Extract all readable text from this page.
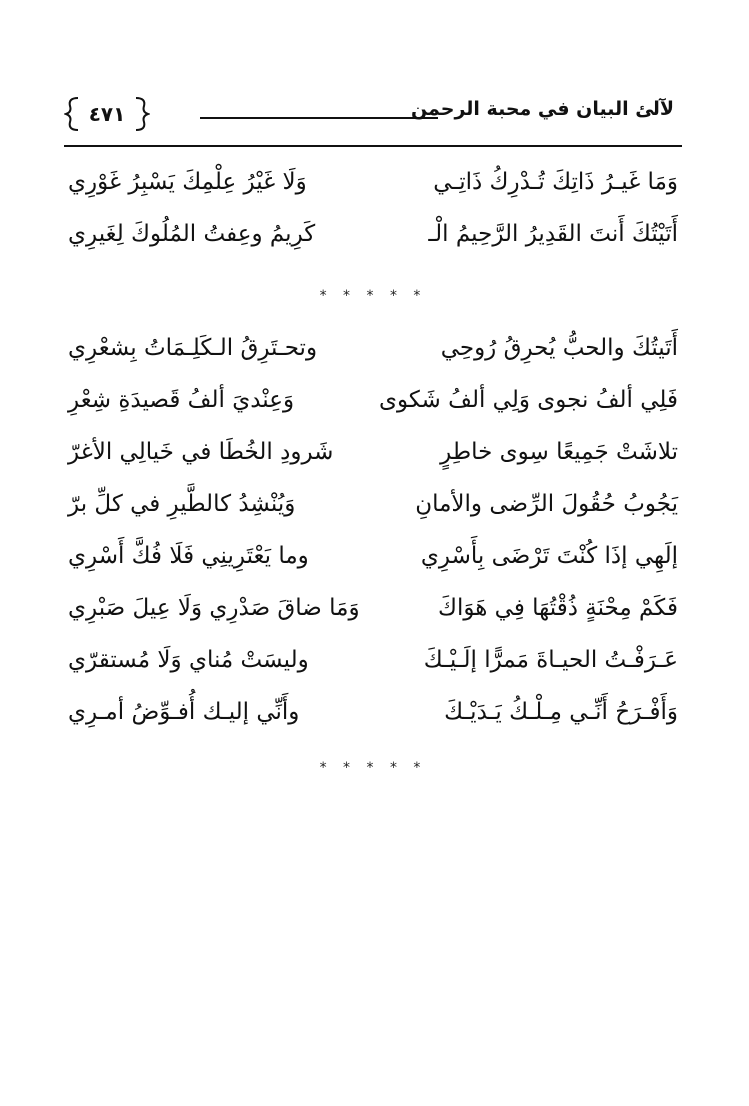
٤٧١	لآلئ البيان في محبة الرحمن
وَمَا غَيـرُ ذَاتِكَ تُـدْرِكُ ذَاتِـي
وَلَا غَيْرُ عِلْمِكَ يَسْبِرُ غَوْرِي
أَتَيْتُكَ أَنتَ القَدِيرُ الرَّحِيمُ الْـ
كَرِيمُ وعِفتُ المُلُوكَ لِغَيرِي
* * * * *
أَتَيتُكَ والحبُّ يُحرِقُ رُوحِي
وتحـتَرِقُ الـكَلِـمَاتُ بِشعْرِي
فَلِي ألفُ نجوى وَلِي ألفُ شَكوى
وَعِنْديَ ألفُ قَصيدَةِ شِعْرِ
تلاشَتْ جَمِيعًا سِوى خاطِرٍ
شَرودِ الخُطَا في خَيالِي الأغرّ
يَجُوبُ حُقُولَ الرِّضى والأمانِ
وَيُنْشِدُ كالطَّيرِ في كلِّ برّ
إلَهِي إذَا كُنْتَ تَرْضَى بِأَسْرِي
وما يَعْتَرِينِي فَلَا فُكَّ أَسْرِي
فَكَمْ مِحْنَةٍ ذُقْتُهَا فِي هَوَاكَ
وَمَا ضاقَ صَدْرِي وَلَا عِيلَ صَبْرِي
عَـرَفْـتُ الحيـاةَ مَمرًّا إلَـيْـكَ
وليسَتْ مُناي وَلَا مُستقرّي
وَأَفْـرَحُ أَنِّـي مِـلْـكُ يَـدَيْـكَ
وأَنِّي إليـك أُفـوِّضُ أمـرِي
* * * * *
